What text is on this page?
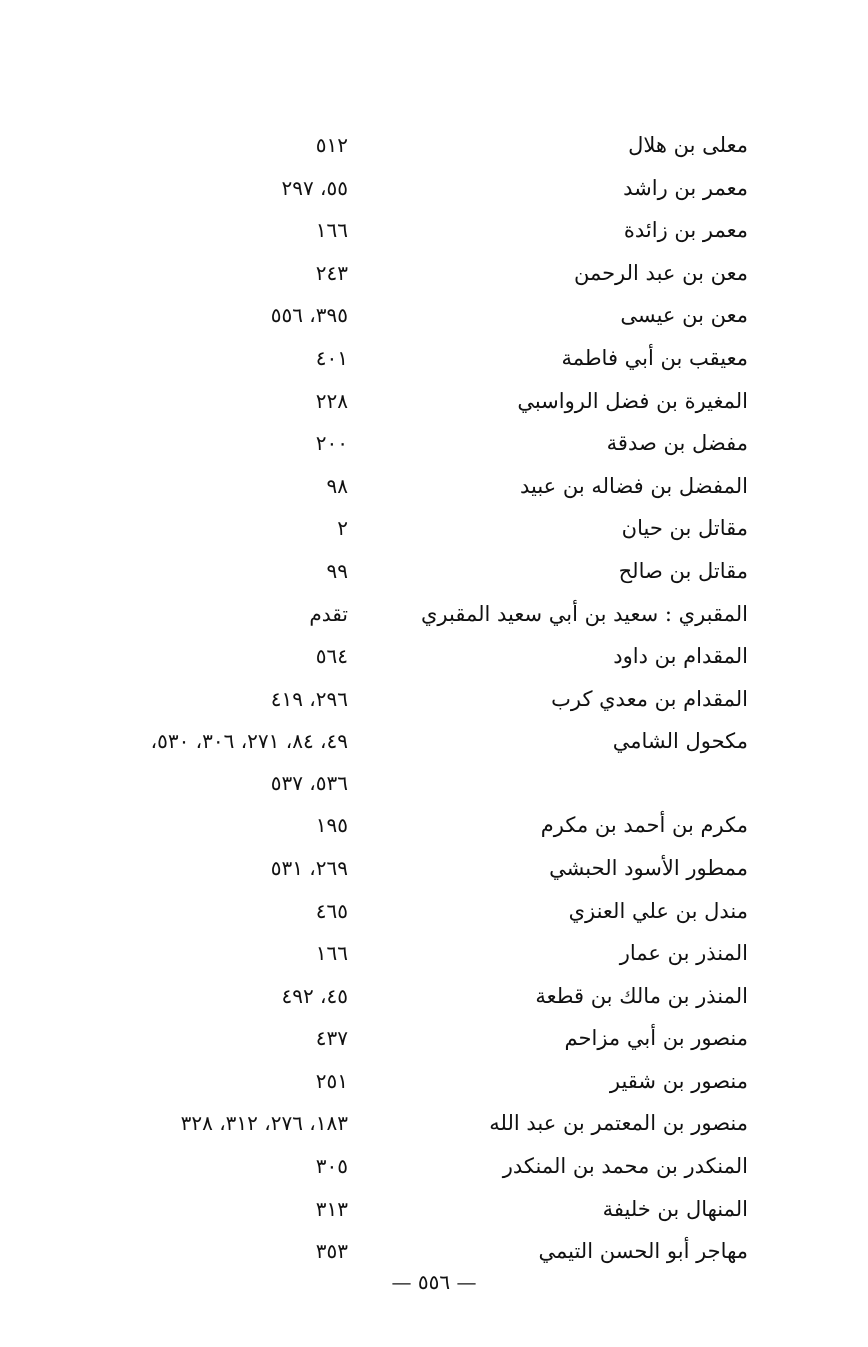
معلى بن هلال
٥١٢
معمر بن راشد
٥٥، ٢٩٧
معمر بن زائدة
١٦٦
معن بن عبد الرحمن
٢٤٣
معن بن عيسى
٣٩٥، ٥٥٦
معيقب بن أبي فاطمة
٤٠١
المغيرة بن فضل الرواسبي
٢٢٨
مفضل بن صدقة
٢٠٠
المفضل بن فضاله بن عبيد
٩٨
مقاتل بن حيان
٢
مقاتل بن صالح
٩٩
المقبري : سعيد بن أبي سعيد المقبري
تقدم
المقدام بن داود
٥٦٤
المقدام بن معدي كرب
٢٩٦، ٤١٩
مكحول الشامي
٤٩، ٨٤، ٢٧١، ٣٠٦، ٥٣٠،
٥٣٦، ٥٣٧
مكرم بن أحمد بن مكرم
١٩٥
ممطور الأسود الحبشي
٢٦٩، ٥٣١
مندل بن علي العنزي
٤٦٥
المنذر بن عمار
١٦٦
المنذر بن مالك بن قطعة
٤٥، ٤٩٢
منصور بن أبي مزاحم
٤٣٧
منصور بن شقير
٢٥١
منصور بن المعتمر بن عبد الله
١٨٣، ٢٧٦، ٣١٢، ٣٢٨
المنكدر بن محمد بن المنكدر
٣٠٥
المنهال بن خليفة
٣١٣
مهاجر أبو الحسن التيمي
٣٥٣
— ٥٥٦ —
